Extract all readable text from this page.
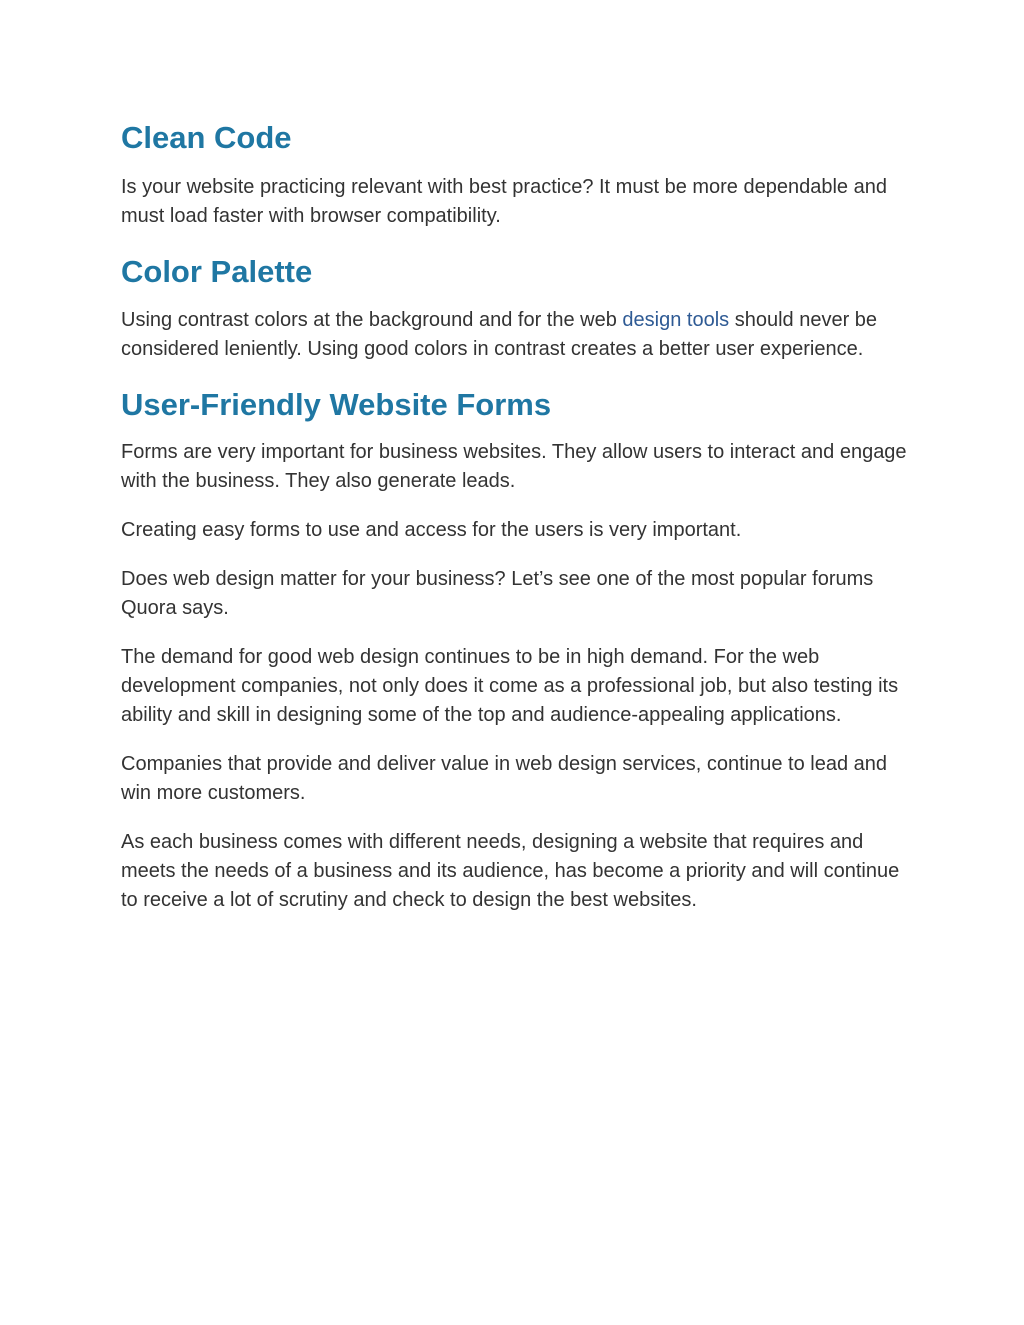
Clean Code

Is your website practicing relevant with best practice? It must be more dependable and must load faster with browser compatibility.

Color Palette

Using contrast colors at the background and for the web design tools should never be considered leniently. Using good colors in contrast creates a better user experience.

User-Friendly Website Forms

Forms are very important for business websites. They allow users to interact and engage with the business. They also generate leads.

Creating easy forms to use and access for the users is very important.

Does web design matter for your business? Let’s see one of the most popular forums Quora says.

The demand for good web design continues to be in high demand. For the web development companies, not only does it come as a professional job, but also testing its ability and skill in designing some of the top and audience-appealing applications.

Companies that provide and deliver value in web design services, continue to lead and win more customers.

As each business comes with different needs, designing a website that requires and meets the needs of a business and its audience, has become a priority and will continue to receive a lot of scrutiny and check to design the best websites.
